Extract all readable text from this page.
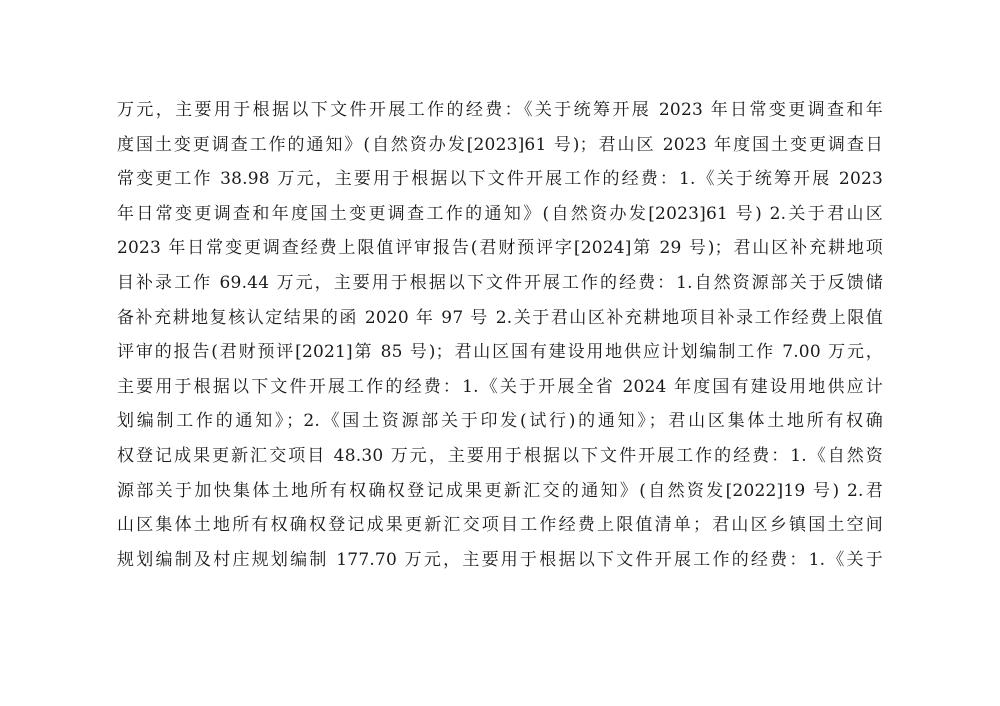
万元，主要用于根据以下文件开展工作的经费：《关于统筹开展 2023 年日常变更调查和年
度国土变更调查工作的通知》(自然资办发[2023]61 号)；君山区 2023 年度国土变更调查日
常变更工作 38.98 万元，主要用于根据以下文件开展工作的经费：1.《关于统筹开展 2023
年日常变更调查和年度国土变更调查工作的通知》(自然资办发[2023]61 号) 2.关于君山区
2023 年日常变更调查经费上限值评审报告(君财预评字[2024]第 29 号)；君山区补充耕地项
目补录工作 69.44 万元，主要用于根据以下文件开展工作的经费：1.自然资源部关于反馈储
备补充耕地复核认定结果的函 2020 年 97 号 2.关于君山区补充耕地项目补录工作经费上限值
评审的报告(君财预评[2021]第 85 号)；君山区国有建设用地供应计划编制工作 7.00 万元，
主要用于根据以下文件开展工作的经费：1.《关于开展全省 2024 年度国有建设用地供应计
划编制工作的通知》；2.《国土资源部关于印发(试行)的通知》；君山区集体土地所有权确
权登记成果更新汇交项目 48.30 万元，主要用于根据以下文件开展工作的经费：1.《自然资
源部关于加快集体土地所有权确权登记成果更新汇交的通知》(自然资发[2022]19 号) 2.君
山区集体土地所有权确权登记成果更新汇交项目工作经费上限值清单；君山区乡镇国土空间
规划编制及村庄规划编制 177.70 万元，主要用于根据以下文件开展工作的经费：1.《关于
